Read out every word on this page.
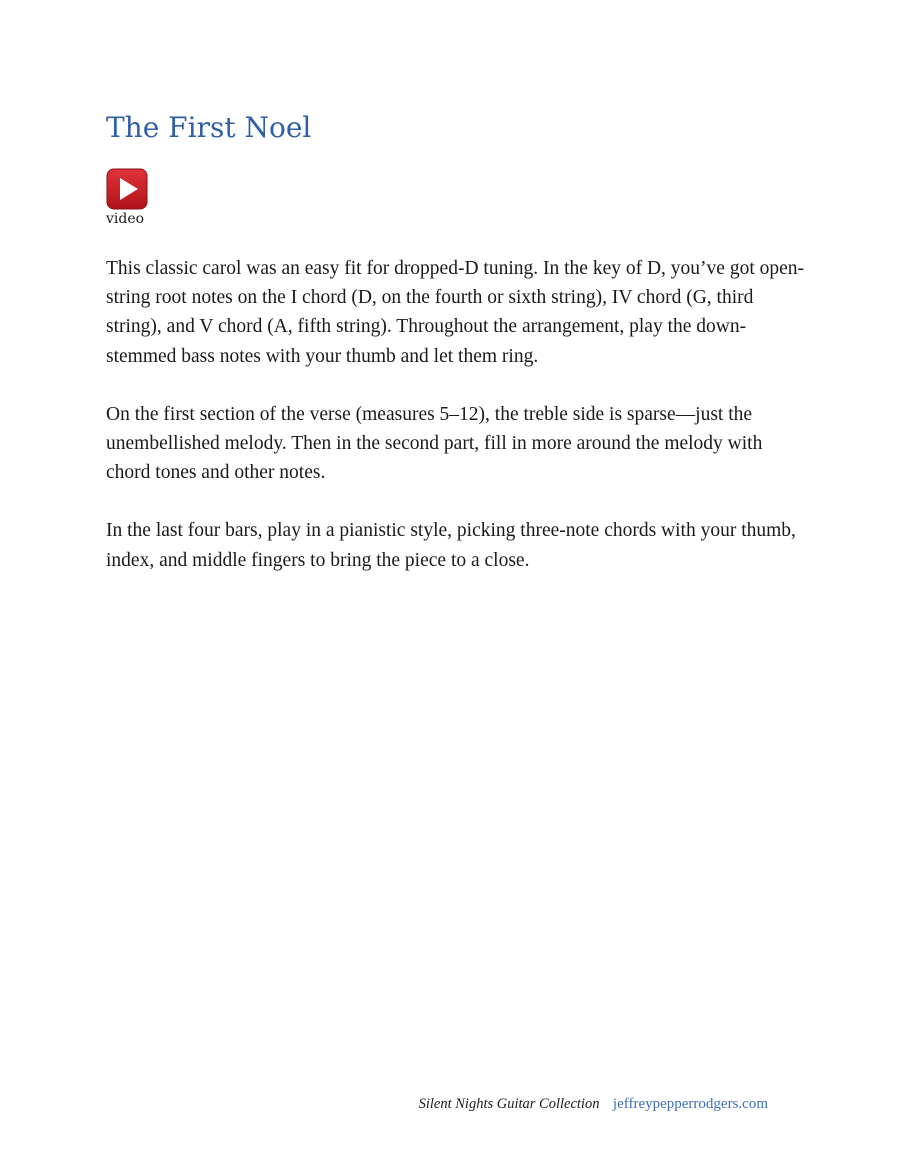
The First Noel
video

This classic carol was an easy fit for dropped-D tuning. In the key of D, you’ve got open-string root notes on the I chord (D, on the fourth or sixth string), IV chord (G, third string), and V chord (A, fifth string). Throughout the arrangement, play the down-stemmed bass notes with your thumb and let them ring.

On the first section of the verse (measures 5–12), the treble side is sparse—just the unembellished melody. Then in the second part, fill in more around the melody with chord tones and other notes.

In the last four bars, play in a pianistic style, picking three-note chords with your thumb, index, and middle fingers to bring the piece to a close.

Silent Nights Guitar Collection jeffreypepperrodgers.com
